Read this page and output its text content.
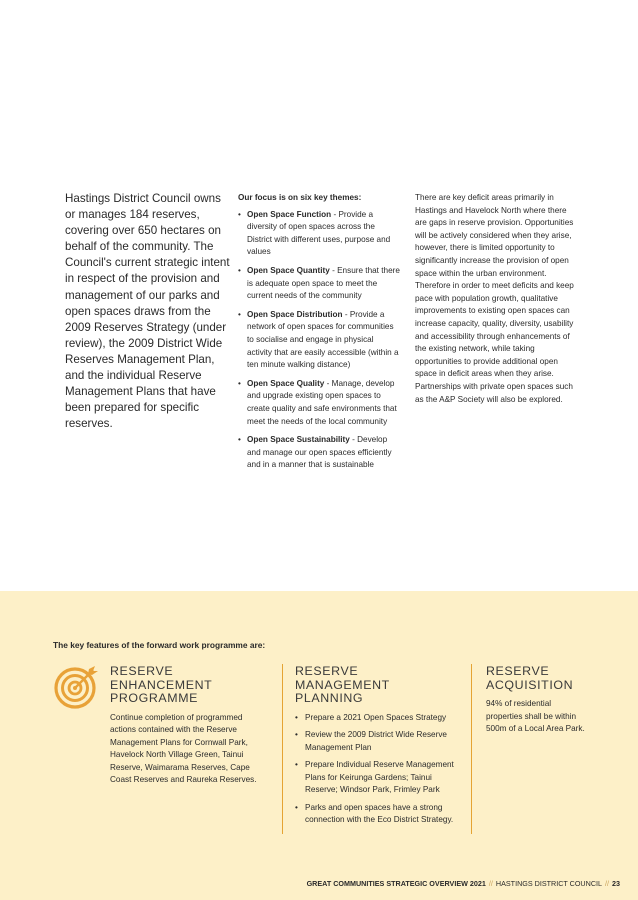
Hastings District Council owns or manages 184 reserves, covering over 650 hectares on behalf of the community. The Council's current strategic intent in respect of the provision and management of our parks and open spaces draws from the 2009 Reserves Strategy (under review), the 2009 District Wide Reserves Management Plan, and the individual Reserve Management Plans that have been prepared for specific reserves.
Our focus is on six key themes:
• Open Space Function - Provide a diversity of open spaces across the District with different uses, purpose and values
• Open Space Quantity - Ensure that there is adequate open space to meet the current needs of the community
• Open Space Distribution - Provide a network of open spaces for communities to socialise and engage in physical activity that are easily accessible (within a ten minute walking distance)
• Open Space Quality - Manage, develop and upgrade existing open spaces to create quality and safe environments that meet the needs of the local community
• Open Space Sustainability - Develop and manage our open spaces efficiently and in a manner that is sustainable
There are key deficit areas primarily in Hastings and Havelock North where there are gaps in reserve provision. Opportunities will be actively considered when they arise, however, there is limited opportunity to significantly increase the provision of open space within the urban environment. Therefore in order to meet deficits and keep pace with population growth, qualitative improvements to existing open spaces can increase capacity, quality, diversity, usability and accessibility through enhancements of the existing network, while taking opportunities to provide additional open space in deficit areas when they arise. Partnerships with private open spaces such as the A&P Society will also be explored.
The key features of the forward work programme are:
RESERVE ENHANCEMENT
PROGRAMME

Continue completion of programmed actions contained with the Reserve Management Plans for Cornwall Park, Havelock North Village Green, Tainui Reserve, Waimarama Reserves, Cape Coast Reserves and Raureka Reserves.

RESERVE MANAGEMENT
PLANNING
• Prepare a 2021 Open Spaces Strategy
• Review the 2009 District Wide Reserve Management Plan
• Prepare Individual Reserve Management Plans for Keirunga Gardens; Tainui Reserve; Windsor Park, Frimley Park
• Parks and open spaces have a strong connection with the Eco District Strategy.
RESERVE
ACQUISITION

94% of residential properties shall be within 500m of a Local Area Park.

GREAT COMMUNITIES STRATEGIC OVERVIEW 2021 // HASTINGS DISTRICT COUNCIL // 23
